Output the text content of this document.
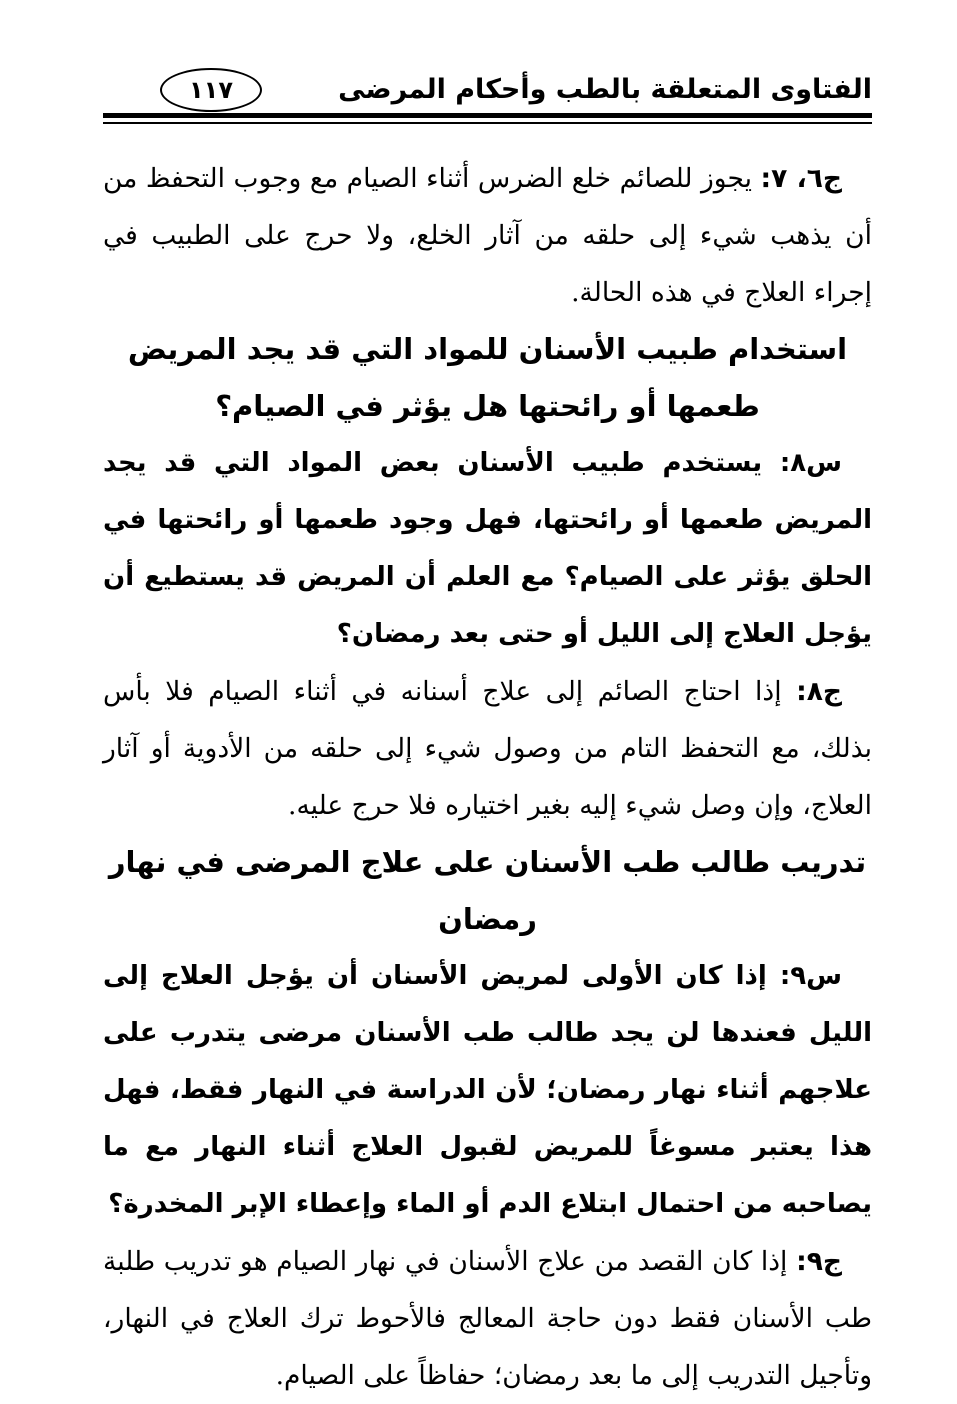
الفتاوى المتعلقة بالطب وأحكام المرضى
١١٧

ج٦، ٧: يجوز للصائم خلع الضرس أثناء الصيام مع وجوب التحفظ من أن يذهب شيء إلى حلقه من آثار الخلع، ولا حرج على الطبيب في إجراء العلاج في هذه الحالة.

استخدام طبيب الأسنان للمواد التي قد يجد المريض
طعمها أو رائحتها هل يؤثر في الصيام؟

س٨: يستخدم طبيب الأسنان بعض المواد التي قد يجد المريض طعمها أو رائحتها، فهل وجود طعمها أو رائحتها في الحلق يؤثر على الصيام؟ مع العلم أن المريض قد يستطيع أن يؤجل العلاج إلى الليل أو حتى بعد رمضان؟

ج٨: إذا احتاج الصائم إلى علاج أسنانه في أثناء الصيام فلا بأس بذلك، مع التحفظ التام من وصول شيء إلى حلقه من الأدوية أو آثار العلاج، وإن وصل شيء إليه بغير اختياره فلا حرج عليه.

تدريب طالب طب الأسنان على علاج المرضى في نهار رمضان

س٩: إذا كان الأولى لمريض الأسنان أن يؤجل العلاج إلى الليل فعندها لن يجد طالب طب الأسنان مرضى يتدرب على علاجهم أثناء نهار رمضان؛ لأن الدراسة في النهار فقط، فهل هذا يعتبر مسوغاً للمريض لقبول العلاج أثناء النهار مع ما يصاحبه من احتمال ابتلاع الدم أو الماء وإعطاء الإبر المخدرة؟

ج٩: إذا كان القصد من علاج الأسنان في نهار الصيام هو تدريب طلبة طب الأسنان فقط دون حاجة المعالج فالأحوط ترك العلاج في النهار، وتأجيل التدريب إلى ما بعد رمضان؛ حفاظاً على الصيام.
